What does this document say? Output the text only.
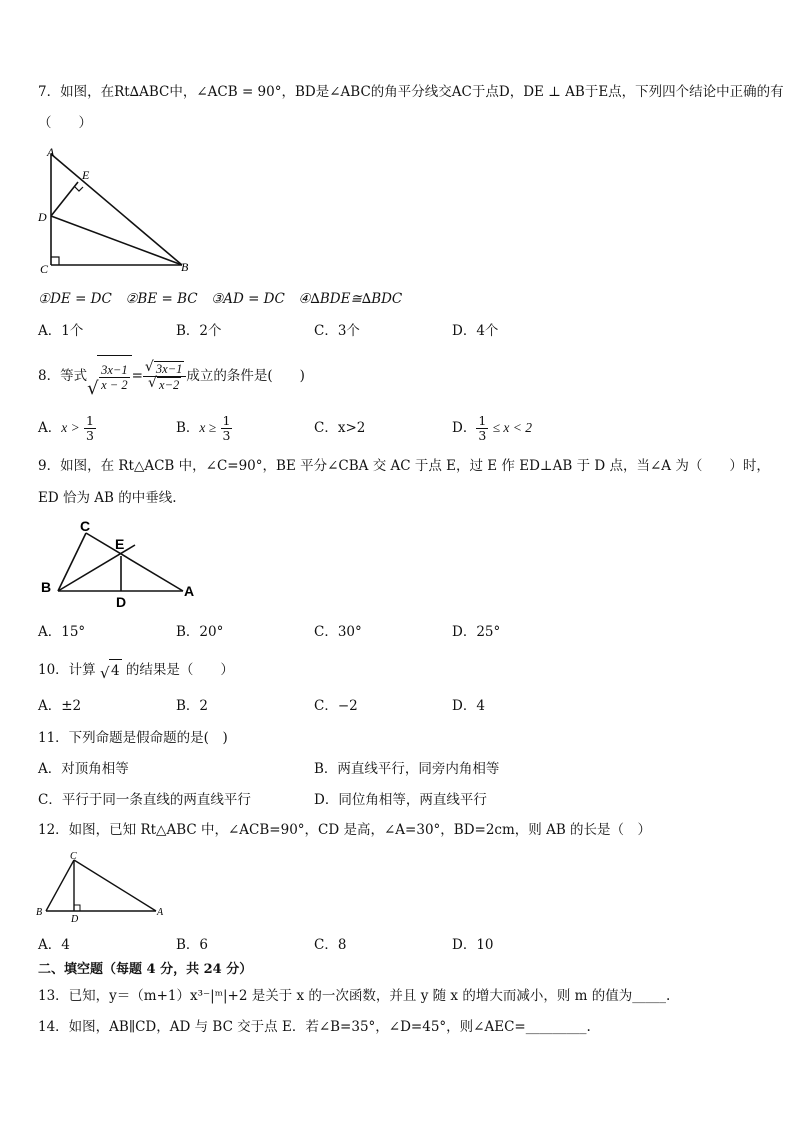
7．如图，在Rt∆ABC中，∠ACB = 90°，BD是∠ABC的角平分线交AC于点D，DE ⊥ AB于E点，下列四个结论中正确的有
（　　）
A
E
D
C	B
①DE = DC　②BE = BC　③AD = DC　④∆BDE≅∆BDC
A．1个	B．2个	C．3个	D．4个
8．等式
√ $\frac{3x-1}{x - 2} = \frac{√ 3x-1}{√ x-2}$ 成立的条件是(　　)
A．$x > \frac{1}{3}$	B．$x \ge \frac{1}{3}$	C．x>2	D． $\frac{1}{3} \le x < 2$
9．如图，在 Rt△ACB 中，∠C=90°，BE 平分∠CBA 交 AC 于点 E，过 E 作 ED⊥AB 于 D 点，当∠A 为（　　）时，
ED 恰为 AB 的中垂线.
C
E
B
D
A
A．15°	B．20°	C．30°	D．25°
10．计算 √ 4 的结果是（　　）
A．±2	B．2	C．−2	D．4
11．下列命题是假命题的是(　)
A．对顶角相等	B．两直线平行，同旁内角相等
C．平行于同一条直线的两直线平行	D．同位角相等，两直线平行
12．如图，已知 Rt△ABC 中，∠ACB=90°，CD 是高，∠A=30°，BD=2cm，则 AB 的长是（　）
C
B
D
A
A．4	B．6	C．8	D．10
二、填空题（每题 4 分，共 24 分）
13．已知，y＝（m+1）x³⁻|ᵐ|+2 是关于 x 的一次函数，并且 y 随 x 的增大而减小，则 m 的值为_____.
14．如图，AB∥CD，AD 与 BC 交于点 E．若∠B=35°，∠D=45°，则∠AEC=_________.
